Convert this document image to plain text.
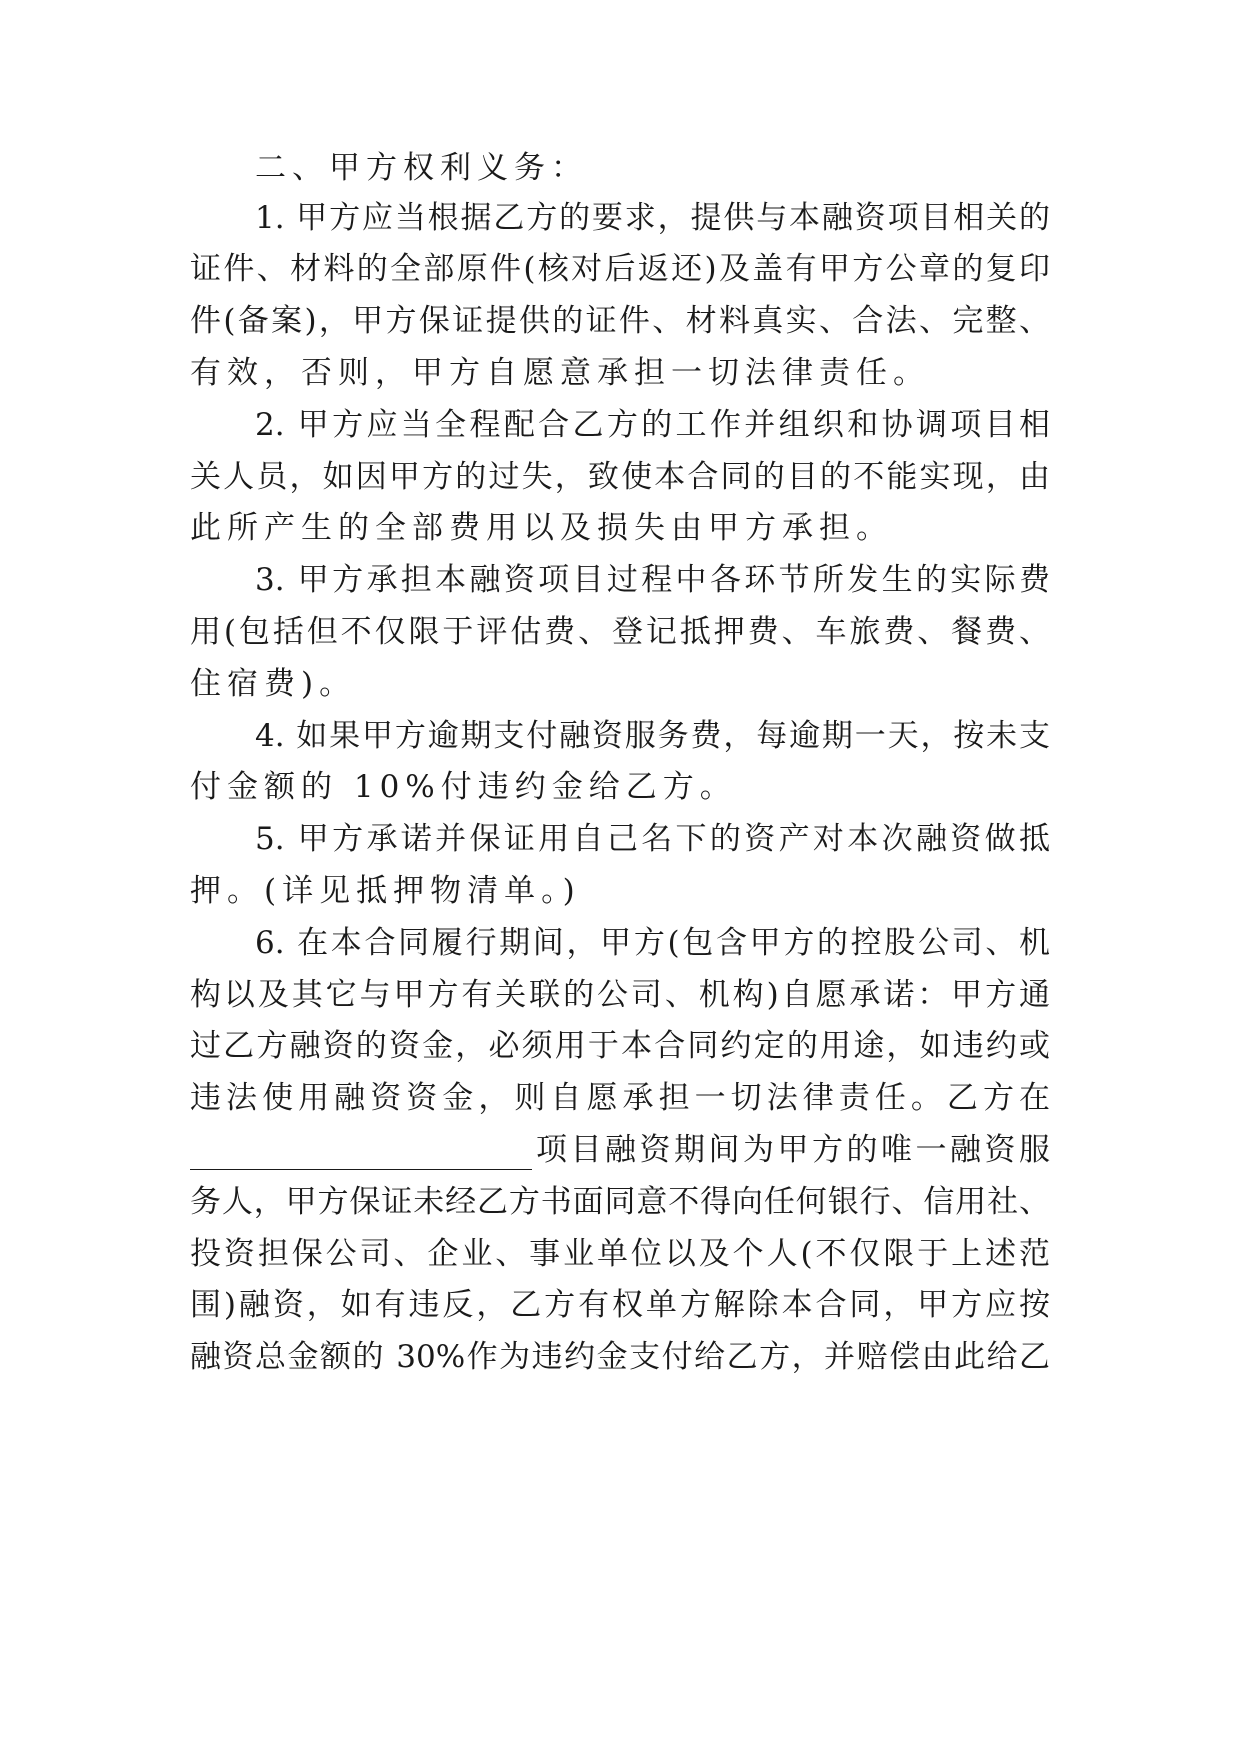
二、甲方权利义务：
1. 甲方应当根据乙方的要求，提供与本融资项目相关的
证件、材料的全部原件(核对后返还)及盖有甲方公章的复印
件(备案)，甲方保证提供的证件、材料真实、合法、完整、
有效，否则，甲方自愿意承担一切法律责任。
2. 甲方应当全程配合乙方的工作并组织和协调项目相
关人员，如因甲方的过失，致使本合同的目的不能实现，由
此所产生的全部费用以及损失由甲方承担。
3. 甲方承担本融资项目过程中各环节所发生的实际费
用(包括但不仅限于评估费、登记抵押费、车旅费、餐费、
住宿费)。
4. 如果甲方逾期支付融资服务费，每逾期一天，按未支
付金额的 10%付违约金给乙方。
5. 甲方承诺并保证用自己名下的资产对本次融资做抵
押。(详见抵押物清单。)
6. 在本合同履行期间，甲方(包含甲方的控股公司、机
构以及其它与甲方有关联的公司、机构)自愿承诺：甲方通
过乙方融资的资金，必须用于本合同约定的用途，如违约或
违法使用融资资金，则自愿承担一切法律责任。乙方在
项目融资期间为甲方的唯一融资服
务人，甲方保证未经乙方书面同意不得向任何银行、信用社、
投资担保公司、企业、事业单位以及个人(不仅限于上述范
围)融资，如有违反，乙方有权单方解除本合同，甲方应按
融资总金额的 30%作为违约金支付给乙方，并赔偿由此给乙
